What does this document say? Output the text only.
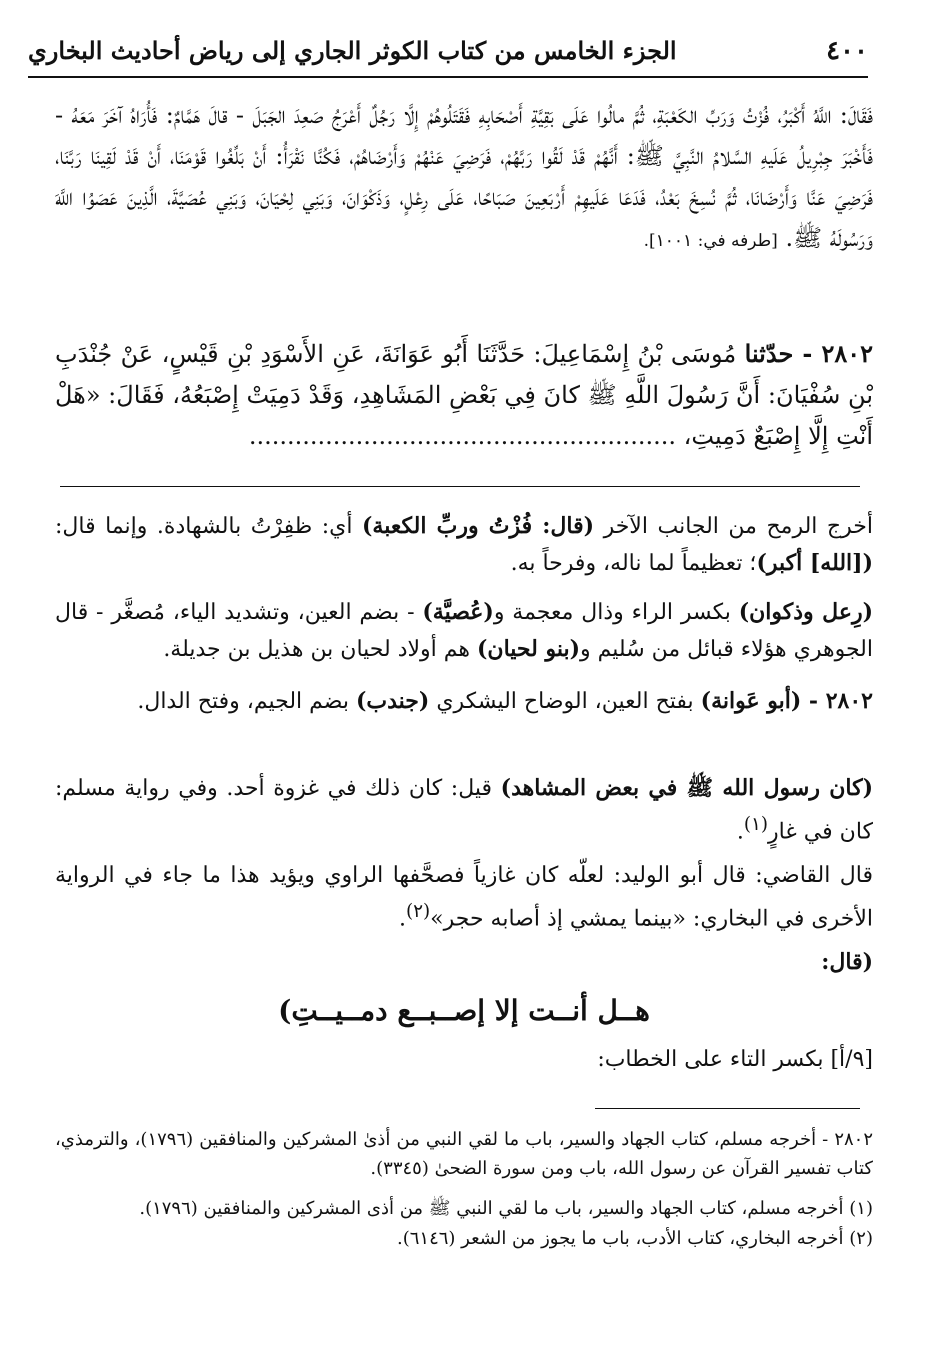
٤٠٠
الجزء الخامس من كتاب الكوثر الجاري إلى رياض أحاديث البخاري
فَقَالَ: اللَّهُ أَكْبَرُ، فُزْتُ وَرَبِّ الكَعْبَةِ، ثُمَّ مالُوا عَلَى بَقِيَّةِ أَصْحَابِهِ فَقَتَلُوهُمْ إِلَّا رَجُلٌ أَعْرَجُ صَعِدَ الجَبَلَ - قالَ هَمَّامٌ: فَأُرَاهُ آخَرَ مَعَهُ - فَأَخْبَرَ جِبْرِيلُ عَلَيهِ السَّلامُ النَّبِيَّ ﷺ: أَنَّهُمْ قَدْ لَقُوا رَبَّهُمْ، فَرَضِيَ عَنْهُمْ وَأَرْضَاهُمْ، فَكُنَّا نَقْرَأُ: أَنْ بَلِّغُوا قَوْمَنَا، أَنْ قَدْ لَقِينَا رَبَّنَا، فَرَضِيَ عَنَّا وَأَرْضَانَا، ثُمَّ نُسِخَ بَعْدُ، فَدَعَا عَلَيهِمْ أَرْبَعِينَ صَبَاحًا، عَلَى رِعْلٍ، وَذَكْوَانَ، وَبَنِي لِحْيَانَ، وَبَنِي عُصَيَّةَ، الَّذِينَ عَصَوُا اللَّهَ وَرَسُولَهُ ﷺ. [طرفه في: ١٠٠١].
٢٨٠٢ - حدّثنا مُوسَى بْنُ إِسْمَاعِيلَ: حَدَّثَنَا أَبُو عَوَانَةَ، عَنِ الأَسْوَدِ بْنِ قَيْسٍ، عَنْ جُنْدَبِ بْنِ سُفْيَانَ: أَنَّ رَسُولَ اللَّهِ ﷺ كانَ فِي بَعْضِ المَشَاهِدِ، وَقَدْ دَمِيَتْ إِصْبَعُهُ، فَقَالَ: «هَلْ أَنْتِ إِلَّا إِصْبَعٌ دَمِيتِ، ........................................................
أخرج الرمح من الجانب الآخر (قال: فُزْتُ وربِّ الكعبة) أي: ظفِرْتُ بالشهادة. وإنما قال: ([الله] أكبر)؛ تعظيماً لما ناله، وفرحاً به.
(رِعل وذكوان) بكسر الراء وذال معجمة و(عُصيَّة) - بضم العين، وتشديد الياء، مُصغَّر - قال الجوهري هؤلاء قبائل من سُليم و(بنو لحيان) هم أولاد لحيان بن هذيل بن جديلة.
٢٨٠٢ - (أبو عَوانة) بفتح العين، الوضاح اليشكري (جندب) بضم الجيم، وفتح الدال.
(كان رسول الله ﷺ في بعض المشاهد) قيل: كان ذلك في غزوة أحد. وفي رواية مسلم: كان في غارٍ$^{(١)}$.
قال القاضي: قال أبو الوليد: لعلّه كان غازياً فصحَّفها الراوي ويؤيد هذا ما جاء في الرواية الأخرى في البخاري: «بينما يمشي إذ أصابه حجر»$^{(٢)}$.
(قال:
هــل أنــت إلا إصــبــع دمــيــتِ)
[٩/أ] بكسر التاء على الخطاب:
٢٨٠٢ - أخرجه مسلم، كتاب الجهاد والسير، باب ما لقي النبي من أذىٰ المشركين والمنافقين (١٧٩٦)، والترمذي، كتاب تفسير القرآن عن رسول الله، باب ومن سورة الضحىٰ (٣٣٤٥).
(١) أخرجه مسلم، كتاب الجهاد والسير، باب ما لقي النبي ﷺ من أذى المشركين والمنافقين (١٧٩٦).
(٢) أخرجه البخاري، كتاب الأدب، باب ما يجوز من الشعر (٦١٤٦).
